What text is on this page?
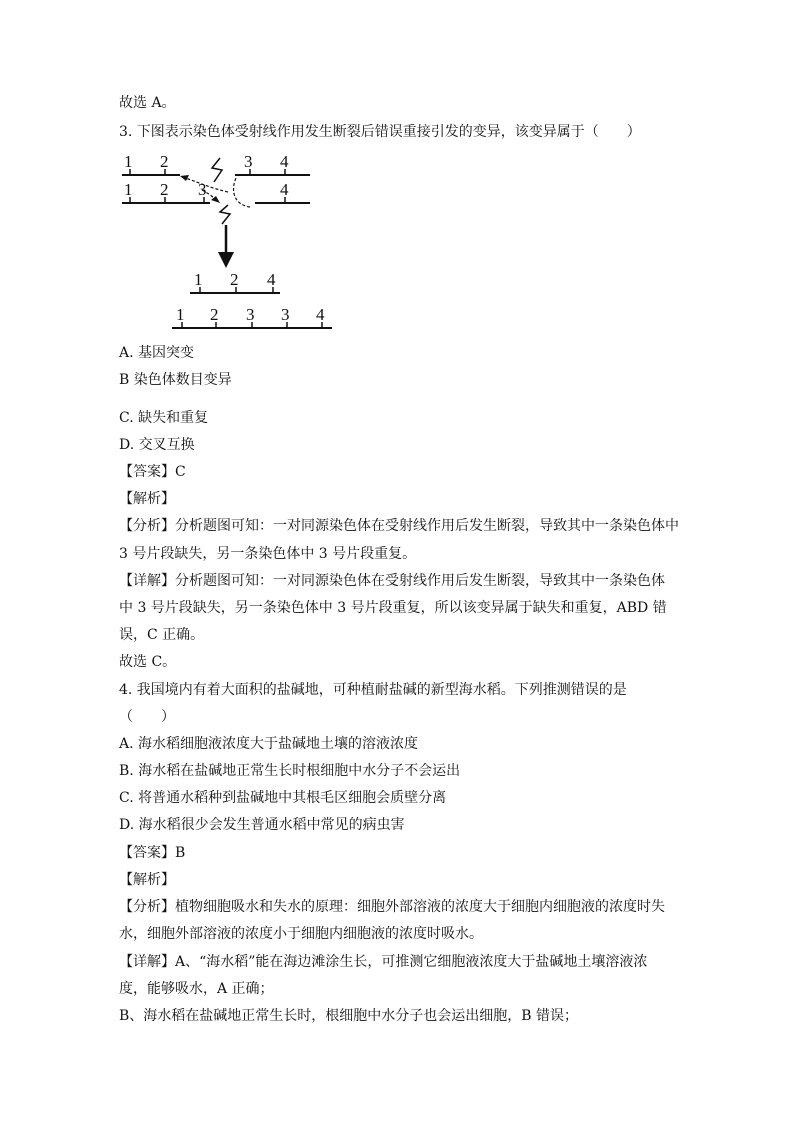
故选 A。
3. 下图表示染色体受射线作用发生断裂后错误重接引发的变异，该变异属于（　　）
1 2	3 4
1 2 3	4
1 2 4
1 2 3 3 4
A. 基因突变
B 染色体数目变异
C. 缺失和重复
D. 交叉互换
【答案】C
【解析】
【分析】分析题图可知：一对同源染色体在受射线作用后发生断裂，导致其中一条染色体中
3 号片段缺失，另一条染色体中 3 号片段重复。
【详解】分析题图可知：一对同源染色体在受射线作用后发生断裂，导致其中一条染色体
中 3 号片段缺失，另一条染色体中 3 号片段重复，所以该变异属于缺失和重复，ABD 错
误，C 正确。
故选 C。
4. 我国境内有着大面积的盐碱地，可种植耐盐碱的新型海水稻。下列推测错误的是
（　　）
A. 海水稻细胞液浓度大于盐碱地土壤的溶液浓度
B. 海水稻在盐碱地正常生长时根细胞中水分子不会运出
C. 将普通水稻种到盐碱地中其根毛区细胞会质壁分离
D. 海水稻很少会发生普通水稻中常见的病虫害
【答案】B
【解析】
【分析】植物细胞吸水和失水的原理：细胞外部溶液的浓度大于细胞内细胞液的浓度时失
水，细胞外部溶液的浓度小于细胞内细胞液的浓度时吸水。
【详解】A、“海水稻”能在海边滩涂生长，可推测它细胞液浓度大于盐碱地土壤溶液浓
度，能够吸水，A 正确；
B、海水稻在盐碱地正常生长时，根细胞中水分子也会运出细胞，B 错误；
